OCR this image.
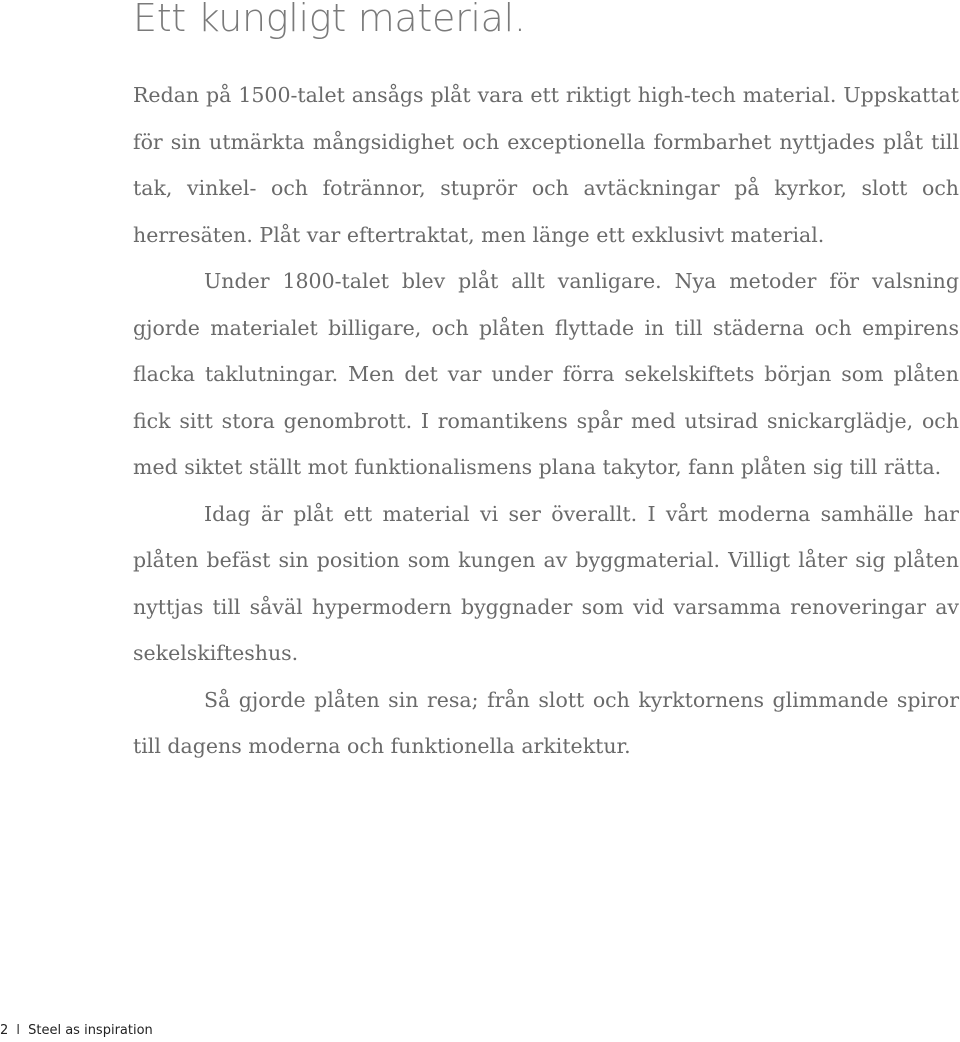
Ett kungligt material.

Redan på 1500-talet ansågs plåt vara ett riktigt high-tech material. Uppskattat för sin utmärkta mångsidighet och exceptionella formbarhet nyttjades plåt till tak, vinkel- och fotrännor, stuprör och avtäckningar på kyrkor, slott och herresäten. Plåt var eftertraktat, men länge ett exklusivt material.

Under 1800-talet blev plåt allt vanligare. Nya metoder för valsning gjorde materialet billigare, och plåten flyttade in till städerna och empirens flacka taklutningar. Men det var under förra sekelskiftets början som plåten fick sitt stora genombrott. I romantikens spår med utsirad snickarglädje, och med siktet ställt mot funktionalismens plana takytor, fann plåten sig till rätta.

Idag är plåt ett material vi ser överallt. I vårt moderna samhälle har plåten befäst sin position som kungen av byggmaterial. Villigt låter sig plåten nyttjas till såväl hypermodern byggnader som vid varsamma renoveringar av sekelskifteshus.

Så gjorde plåten sin resa; från slott och kyrktornens glimmande spiror till dagens moderna och funktionella arkitektur.

2 I Steel as inspiration
